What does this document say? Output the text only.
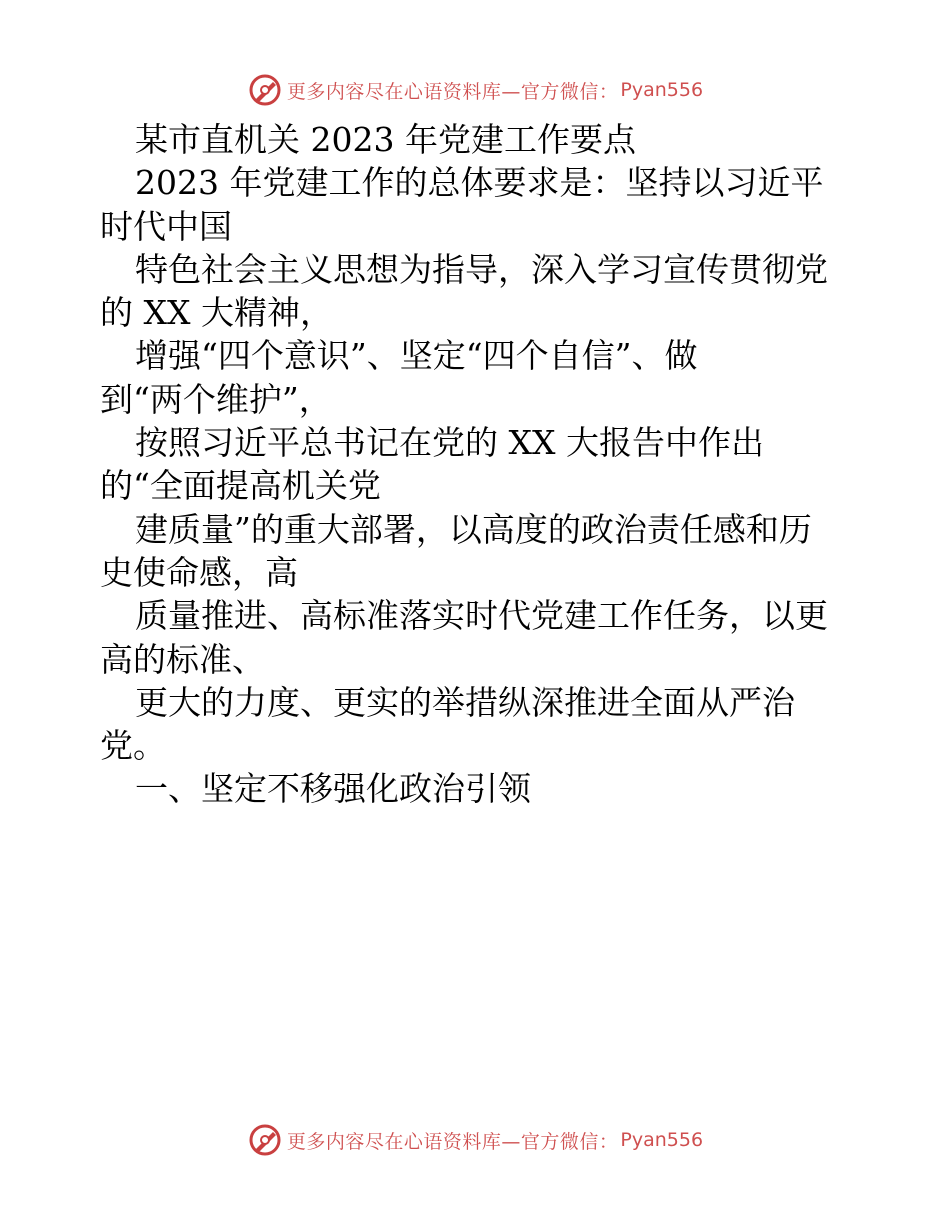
更多内容尽在心语资料库—官方微信： Pyan556
某市直机关 2023 年党建工作要点
2023 年党建工作的总体要求是：坚持以习近平
时代中国
特色社会主义思想为指导，深入学习宣传贯彻党
的 XX 大精神，
增强“四个意识”、坚定“四个自信”、做
到“两个维护”，
按照习近平总书记在党的 XX 大报告中作出
的“全面提高机关党
建质量”的重大部署，以高度的政治责任感和历
史使命感，高
质量推进、高标准落实时代党建工作任务，以更
高的标准、
更大的力度、更实的举措纵深推进全面从严治
党。
一、坚定不移强化政治引领
更多内容尽在心语资料库—官方微信： Pyan556
